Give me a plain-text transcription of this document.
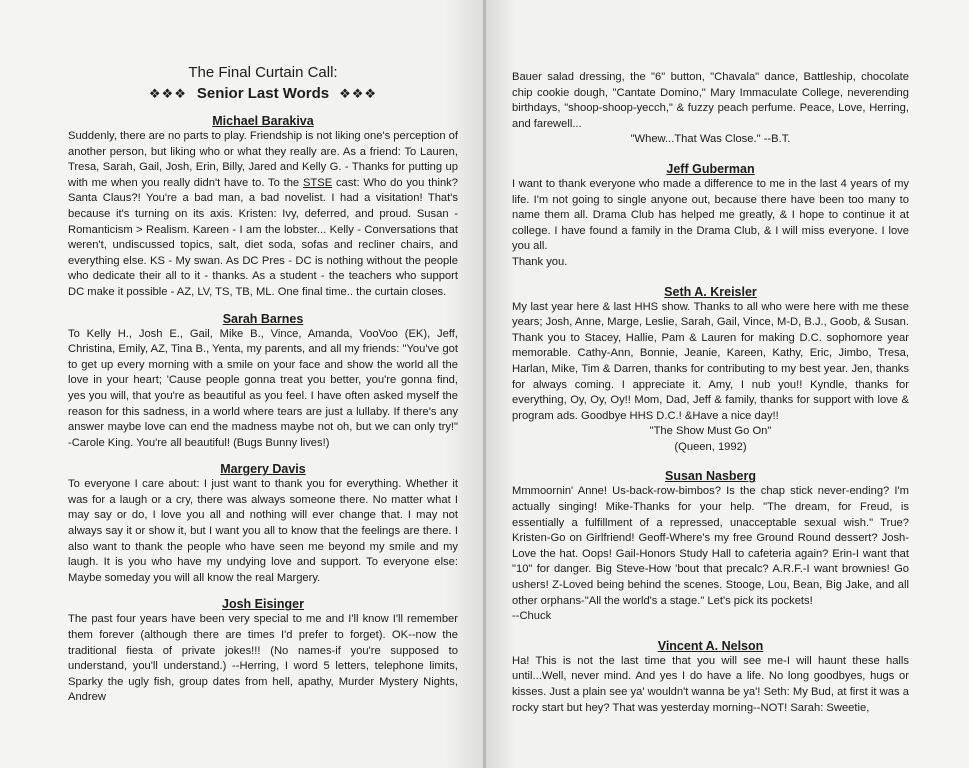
The Final Curtain Call:
❖❖❖ Senior Last Words ❖❖❖
Michael Barakiva

Suddenly, there are no parts to play. Friendship is not liking one's perception of another person, but liking who or what they really are. As a friend: To Lauren, Tresa, Sarah, Gail, Josh, Erin, Billy, Jared and Kelly G. - Thanks for putting up with me when you really didn't have to. To the STSE cast: Who do you think? Santa Claus?! You're a bad man, a bad novelist. I had a visitation! That's because it's turning on its axis. Kristen: Ivy, deferred, and proud. Susan - Romanticism > Realism. Kareen - I am the lobster... Kelly - Conversations that weren't, undiscussed topics, salt, diet soda, sofas and recliner chairs, and everything else. KS - My swan. As DC Pres - DC is nothing without the people who dedicate their all to it - thanks. As a student - the teachers who support DC make it possible - AZ, LV, TS, TB, ML. One final time.. the curtain closes.

Sarah Barnes

To Kelly H., Josh E., Gail, Mike B., Vince, Amanda, VooVoo (EK), Jeff, Christina, Emily, AZ, Tina B., Yenta, my parents, and all my friends: "You've got to get up every morning with a smile on your face and show the world all the love in your heart; 'Cause people gonna treat you better, you're gonna find, yes you will, that you're as beautiful as you feel. I have often asked myself the reason for this sadness, in a world where tears are just a lullaby. If there's any answer maybe love can end the madness maybe not oh, but we can only try!" -Carole King. You're all beautiful! (Bugs Bunny lives!)

Margery Davis

To everyone I care about: I just want to thank you for everything. Whether it was for a laugh or a cry, there was always someone there. No matter what I may say or do, I love you all and nothing will ever change that. I may not always say it or show it, but I want you all to know that the feelings are there. I also want to thank the people who have seen me beyond my smile and my laugh. It is you who have my undying love and support. To everyone else: Maybe someday you will all know the real Margery.

Josh Eisinger

The past four years have been very special to me and I'll know I'll remember them forever (although there are times I'd prefer to forget). OK--now the traditional fiesta of private jokes!!! (No names-if you're supposed to understand, you'll understand.) --Herring, I word 5 letters, telephone limits, Sparky the ugly fish, group dates from hell, apathy, Murder Mystery Nights, Andrew

Bauer salad dressing, the "6" button, "Chavala" dance, Battleship, chocolate chip cookie dough, "Cantate Domino," Mary Immaculate College, neverending birthdays, "shoop-shoop-yecch," & fuzzy peach perfume. Peace, Love, Herring, and farewell...

"Whew...That Was Close." --B.T.
Jeff Guberman

I want to thank everyone who made a difference to me in the last 4 years of my life. I'm not going to single anyone out, because there have been too many to name them all. Drama Club has helped me greatly, & I hope to continue it at college. I have found a family in the Drama Club, & I will miss everyone. I love you all.

Thank you.

Seth A. Kreisler

My last year here & last HHS show. Thanks to all who were here with me these years; Josh, Anne, Marge, Leslie, Sarah, Gail, Vince, M-D, B.J., Goob, & Susan. Thank you to Stacey, Hallie, Pam & Lauren for making D.C. sophomore year memorable. Cathy-Ann, Bonnie, Jeanie, Kareen, Kathy, Eric, Jimbo, Tresa, Harlan, Mike, Tim & Darren, thanks for contributing to my best year. Jen, thanks for always coming. I appreciate it. Amy, I nub you!! Kyndle, thanks for everything, Oy, Oy, Oy!! Mom, Dad, Jeff & family, thanks for support with love & program ads. Goodbye HHS D.C.! &Have a nice day!!

"The Show Must Go On"
(Queen, 1992)
Susan Nasberg

Mmmoornin' Anne! Us-back-row-bimbos? Is the chap stick never-ending? I'm actually singing! Mike-Thanks for your help. "The dream, for Freud, is essentially a fulfillment of a repressed, unacceptable sexual wish." True? Kristen-Go on Girlfriend! Geoff-Where's my free Ground Round dessert? Josh-Love the hat. Oops! Gail-Honors Study Hall to cafeteria again? Erin-I want that "10" for danger. Big Steve-How 'bout that precalc? A.R.F.-I want brownies! Go ushers! Z-Loved being behind the scenes. Stooge, Lou, Bean, Big Jake, and all other orphans-"All the world's a stage." Let's pick its pockets!

--Chuck

Vincent A. Nelson

Ha! This is not the last time that you will see me-I will haunt these halls until...Well, never mind. And yes I do have a life. No long goodbyes, hugs or kisses. Just a plain see ya' wouldn't wanna be ya'! Seth: My Bud, at first it was a rocky start but hey? That was yesterday morning--NOT! Sarah: Sweetie,
